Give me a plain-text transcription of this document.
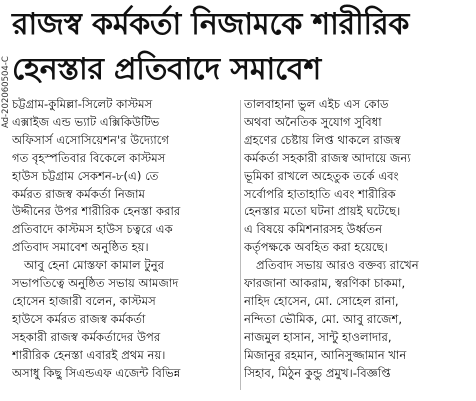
Ad-202060504-C
রাজস্ব কর্মকর্তা নিজামকে শারীরিক
হেনস্তার প্রতিবাদে সমাবেশ
চট্টগ্রাম-কুমিল্লা-সিলেট কাস্টমস
এক্সাইজ এন্ড ভ্যাট এক্সিকিউটিভ
অফিসার্স এসোসিয়েশন'র উদ্যোগে
গত বৃহস্পতিবার বিকেলে কাস্টমস
হাউস চট্টগ্রাম সেকশন-৮(এ) তে
কর্মরত রাজস্ব কর্মকর্তা নিজাম
উদ্দীনের উপর শারীরিক হেনস্তা করার
প্রতিবাদে কাস্টমস হাউস চত্বরে এক
প্রতিবাদ সমাবেশ অনুষ্ঠিত হয়।
আবু হেনা মোস্তফা কামাল টুনুর
সভাপতিত্বে অনুষ্ঠিত সভায় আমজাদ
হোসেন হাজারী বলেন, কাস্টমস
হাউসে কর্মরত রাজস্ব কর্মকর্তা
সহকারী রাজস্ব কর্মকর্তাদের উপর
শারীরিক হেনস্তা এবারই প্রথম নয়।
অসাধু কিছু সিএন্ডএফ এজেন্ট বিভিন্ন
তালবাহানা ভুল এইচ এস কোড
অথবা অনৈতিক সুযোগ সুবিধা
গ্রহণের চেষ্টায় লিপ্ত থাকলে রাজস্ব
কর্মকর্তা সহকারী রাজস্ব আদায়ে জন্য
ভূমিকা রাখলে অহেতুক তর্কে এবং
সর্বোপরি হাতাহাতি এবং শারীরিক
হেনস্তার মতো ঘটনা প্রায়ই ঘটেছে।
এ বিষয়ে কমিশনারসহ উর্ধ্বতন
কর্তৃপক্ষকে অবহিত করা হয়েছে।
প্রতিবাদ সভায় আরও বক্তব্য রাখেন
ফারজানা আকরাম, স্বরণিকা চাকমা,
নাহিদ হোসেন, মো. সোহেল রানা,
নন্দিতা ভৌমিক, মো. আবু রাজেশ,
নাজমুল হাসান, সান্টু হাওলাদার,
মিজানুর রহমান, আনিসুজ্জামান খান
সিহাব, মিঠুন কুন্ডু প্রমুখ।-বিজ্ঞপ্তি
